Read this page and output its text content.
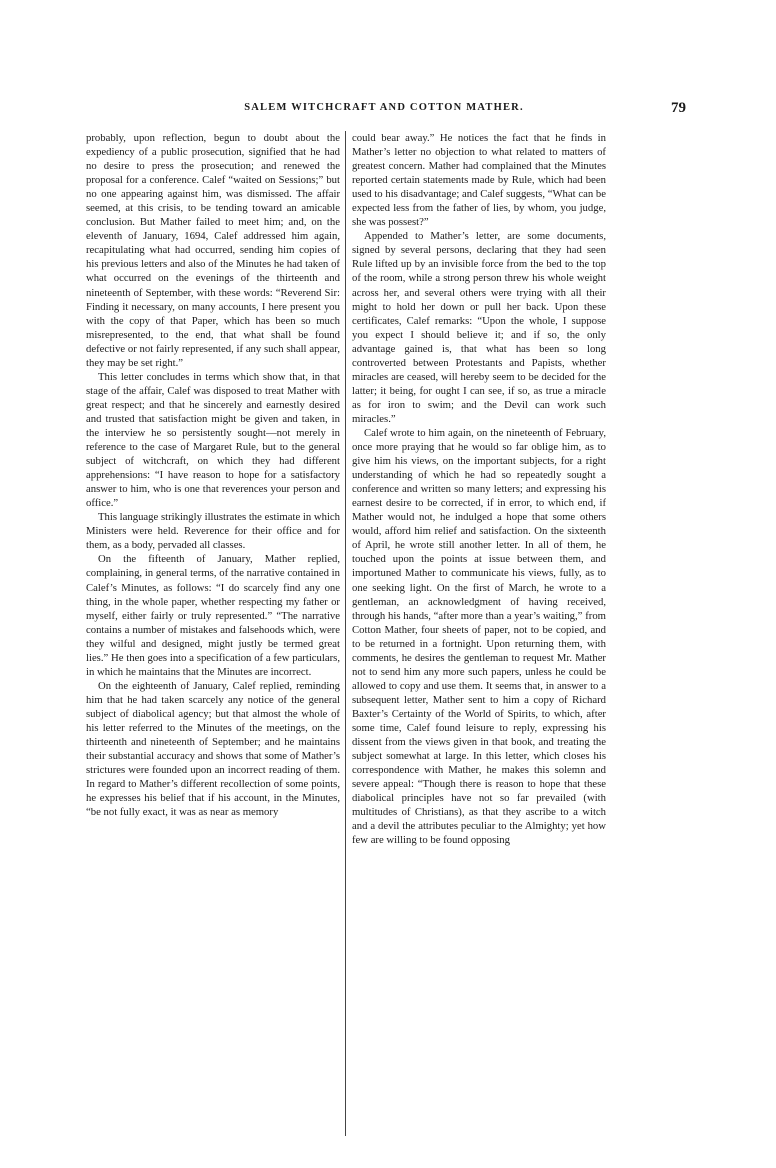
SALEM WITCHCRAFT AND COTTON MATHER.	79

probably, upon reflection, begun to doubt about the expediency of a public prosecution, signified that he had no desire to press the prosecution; and renewed the proposal for a conference. Calef “waited on Sessions;” but no one appearing against him, was dismissed. The affair seemed, at this crisis, to be tending toward an amicable conclusion. But Mather failed to meet him; and, on the eleventh of January, 1694, Calef addressed him again, recapitulating what had occurred, sending him copies of his previous letters and also of the Minutes he had taken of what occurred on the evenings of the thirteenth and nineteenth of September, with these words: “Reverend Sir: Finding it necessary, on many accounts, I here present you with the copy of that Paper, which has been so much misrepresented, to the end, that what shall be found defective or not fairly represented, if any such shall appear, they may be set right.”

This letter concludes in terms which show that, in that stage of the affair, Calef was disposed to treat Mather with great respect; and that he sincerely and earnestly desired and trusted that satisfaction might be given and taken, in the interview he so persistently sought—not merely in reference to the case of Margaret Rule, but to the general subject of witchcraft, on which they had different apprehensions: “I have reason to hope for a satisfactory answer to him, who is one that reverences your person and office.”

This language strikingly illustrates the estimate in which Ministers were held. Reverence for their office and for them, as a body, pervaded all classes.

On the fifteenth of January, Mather replied, complaining, in general terms, of the narrative contained in Calef’s Minutes, as follows: “I do scarcely find any one thing, in the whole paper, whether respecting my father or myself, either fairly or truly represented.” “The narrative contains a number of mistakes and falsehoods which, were they wilful and designed, might justly be termed great lies.” He then goes into a specification of a few particulars, in which he maintains that the Minutes are incorrect.

On the eighteenth of January, Calef replied, reminding him that he had taken scarcely any notice of the general subject of diabolical agency; but that almost the whole of his letter referred to the Minutes of the meetings, on the thirteenth and nineteenth of September; and he maintains their substantial accuracy and shows that some of Mather’s strictures were founded upon an incorrect reading of them. In regard to Mather’s different recollection of some points, he expresses his belief that if his account, in the Minutes, “be not fully exact, it was as near as memory

could bear away.” He notices the fact that he finds in Mather’s letter no objection to what related to matters of greatest concern. Mather had complained that the Minutes reported certain statements made by Rule, which had been used to his disadvantage; and Calef suggests, “What can be expected less from the father of lies, by whom, you judge, she was possest?”

Appended to Mather’s letter, are some documents, signed by several persons, declaring that they had seen Rule lifted up by an invisible force from the bed to the top of the room, while a strong person threw his whole weight across her, and several others were trying with all their might to hold her down or pull her back. Upon these certificates, Calef remarks: “Upon the whole, I suppose you expect I should believe it; and if so, the only advantage gained is, that what has been so long controverted between Protestants and Papists, whether miracles are ceased, will hereby seem to be decided for the latter; it being, for ought I can see, if so, as true a miracle as for iron to swim; and the Devil can work such miracles.”

Calef wrote to him again, on the nineteenth of February, once more praying that he would so far oblige him, as to give him his views, on the important subjects, for a right understanding of which he had so repeatedly sought a conference and written so many letters; and expressing his earnest desire to be corrected, if in error, to which end, if Mather would not, he indulged a hope that some others would, afford him relief and satisfaction. On the sixteenth of April, he wrote still another letter. In all of them, he touched upon the points at issue between them, and importuned Mather to communicate his views, fully, as to one seeking light. On the first of March, he wrote to a gentleman, an acknowledgment of having received, through his hands, “after more than a year’s waiting,” from Cotton Mather, four sheets of paper, not to be copied, and to be returned in a fortnight. Upon returning them, with comments, he desires the gentleman to request Mr. Mather not to send him any more such papers, unless he could be allowed to copy and use them. It seems that, in answer to a subsequent letter, Mather sent to him a copy of Richard Baxter’s Certainty of the World of Spirits, to which, after some time, Calef found leisure to reply, expressing his dissent from the views given in that book, and treating the subject somewhat at large. In this letter, which closes his correspondence with Mather, he makes this solemn and severe appeal: “Though there is reason to hope that these diabolical principles have not so far prevailed (with multitudes of Christians), as that they ascribe to a witch and a devil the attributes peculiar to the Almighty; yet how few are willing to be found opposing
